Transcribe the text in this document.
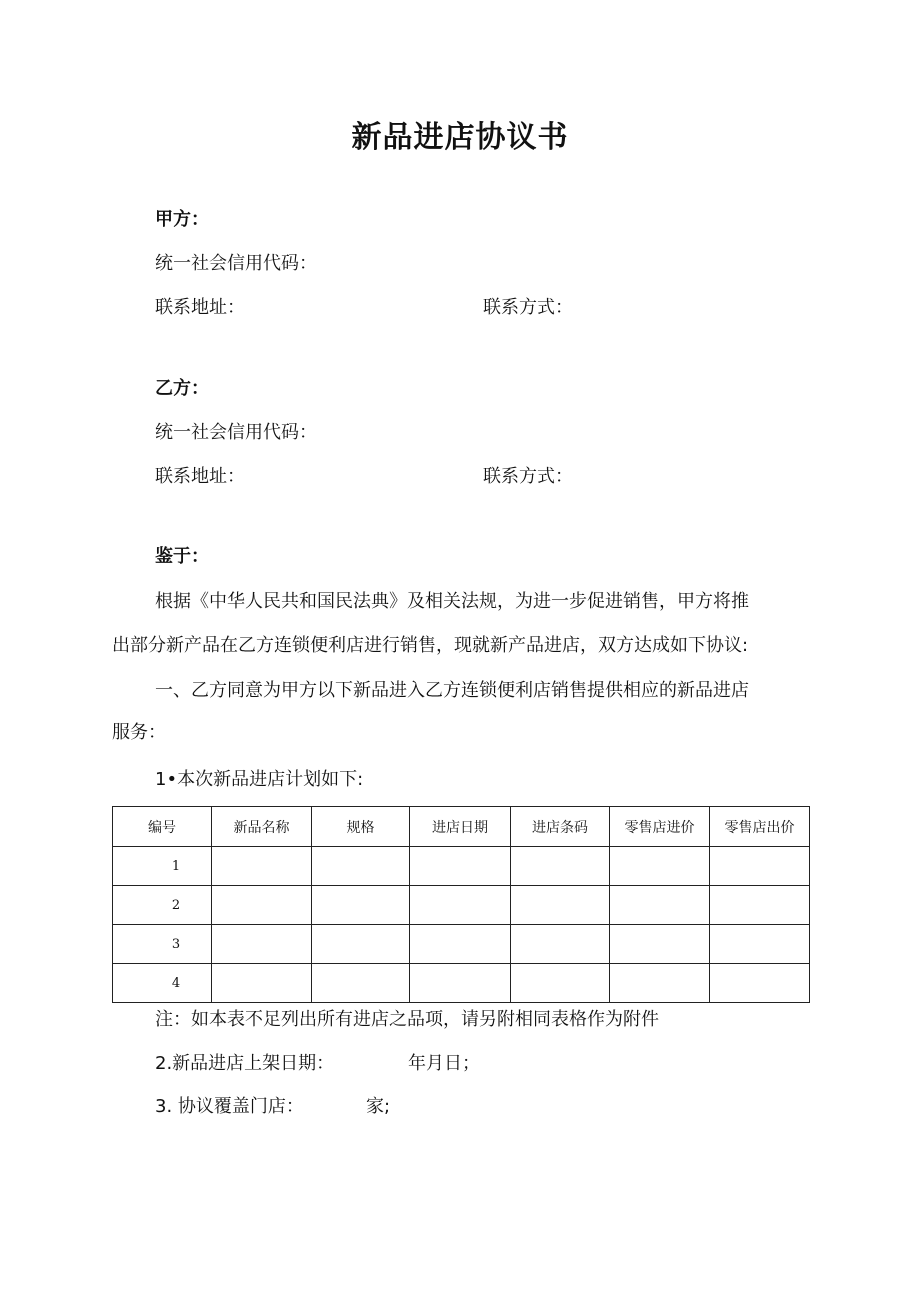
新品进店协议书
甲方：
统一社会信用代码：
联系地址：	联系方式：
乙方：
统一社会信用代码：
联系地址：	联系方式：
鉴于：
根据《中华人民共和国民法典》及相关法规，为进一步促进销售，甲方将推
出部分新产品在乙方连锁便利店进行销售，现就新产品进店，双方达成如下协议:
一、乙方同意为甲方以下新品进入乙方连锁便利店销售提供相应的新品进店
服务：
1•本次新品进店计划如下:
编号	新品名称	规格	进店日期	进店条码	零售店进价	零售店出价
1						
2						
3						
4						
注：如本表不足列出所有进店之品项，请另附相同表格作为附件
2.新品进店上架日期：	年月日；
3. 协议覆盖门店：	家;
